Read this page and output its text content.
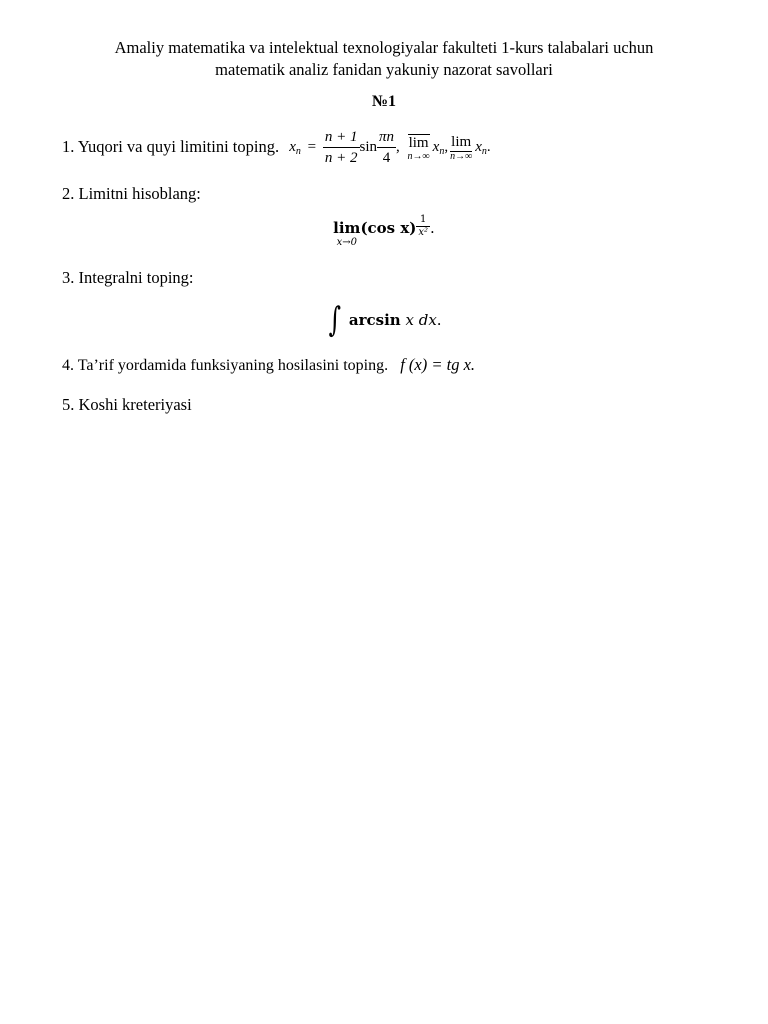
Amaliy matematika va intelektual texnologiyalar fakulteti 1-kurs talabalari uchun
matematik analiz fanidan yakuniy nazorat savollari
№1
1. Yuqori va quyi limitini toping. $x_n = \frac{n + 1}{n + 2}$ $\sin \frac{\pi n}{4}$ , lim
n→∞
$x_n$, lim
n→∞
$x_n$.
2. Limitni hisoblang:
lim
x→0
(cos $x) \frac{1}{\text{x²}}$ .
3. Integralni toping:
∫ arcsin x dx.
4. Ta’rif yordamida funksiyaning hosilasini toping. f (x) = tg x.
5. Koshi kreteriyasi
